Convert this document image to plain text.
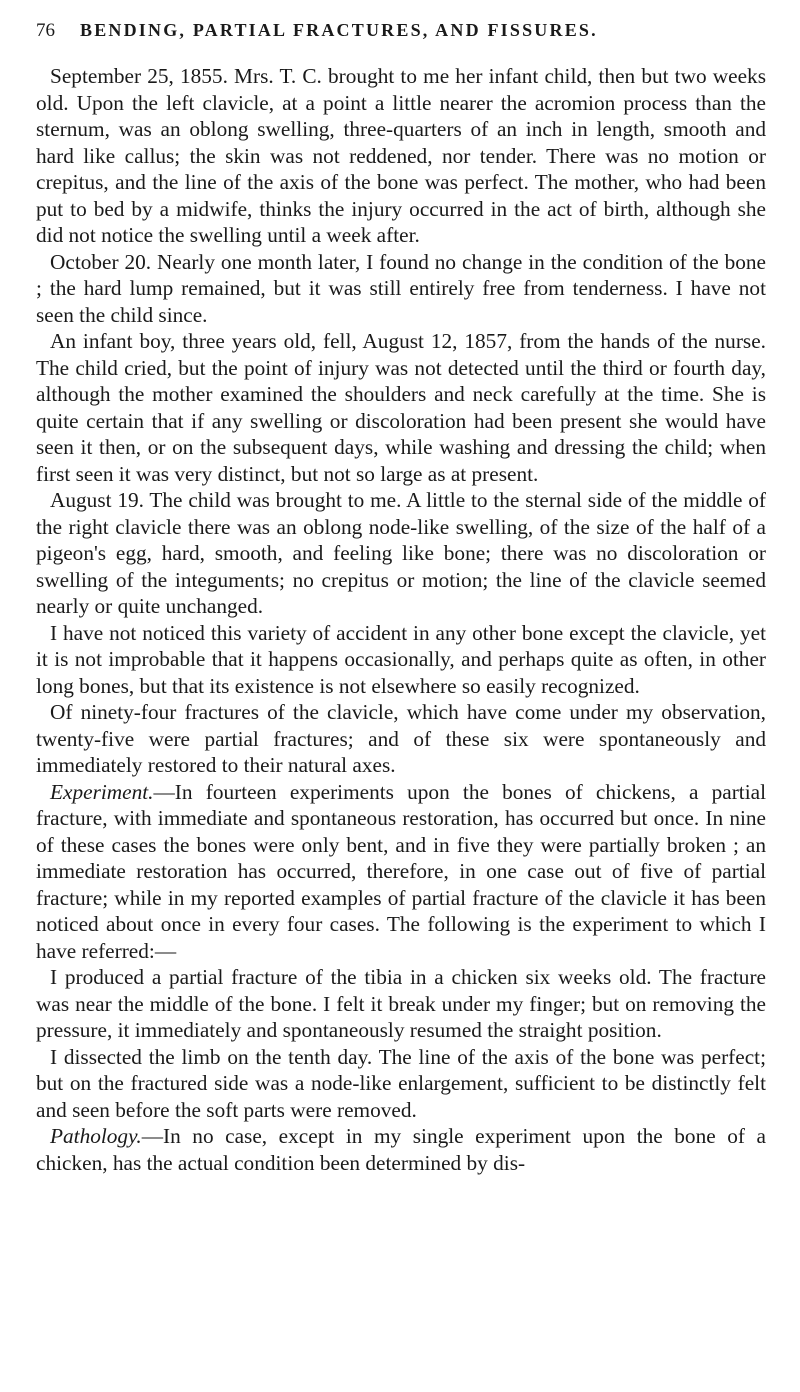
76	BENDING, PARTIAL FRACTURES, AND FISSURES.

September 25, 1855. Mrs. T. C. brought to me her infant child, then but two weeks old. Upon the left clavicle, at a point a little nearer the acromion process than the sternum, was an oblong swelling, three-quarters of an inch in length, smooth and hard like callus; the skin was not reddened, nor tender. There was no motion or crepitus, and the line of the axis of the bone was perfect. The mother, who had been put to bed by a midwife, thinks the injury occurred in the act of birth, although she did not notice the swelling until a week after.

October 20. Nearly one month later, I found no change in the condition of the bone ; the hard lump remained, but it was still entirely free from tenderness. I have not seen the child since.

An infant boy, three years old, fell, August 12, 1857, from the hands of the nurse. The child cried, but the point of injury was not detected until the third or fourth day, although the mother examined the shoulders and neck carefully at the time. She is quite certain that if any swelling or discoloration had been present she would have seen it then, or on the subsequent days, while washing and dressing the child; when first seen it was very distinct, but not so large as at present.

August 19. The child was brought to me. A little to the sternal side of the middle of the right clavicle there was an oblong node-like swelling, of the size of the half of a pigeon's egg, hard, smooth, and feeling like bone; there was no discoloration or swelling of the integuments; no crepitus or motion; the line of the clavicle seemed nearly or quite unchanged.

I have not noticed this variety of accident in any other bone except the clavicle, yet it is not improbable that it happens occasionally, and perhaps quite as often, in other long bones, but that its existence is not elsewhere so easily recognized.

Of ninety-four fractures of the clavicle, which have come under my observation, twenty-five were partial fractures; and of these six were spontaneously and immediately restored to their natural axes.

Experiment.—In fourteen experiments upon the bones of chickens, a partial fracture, with immediate and spontaneous restoration, has occurred but once. In nine of these cases the bones were only bent, and in five they were partially broken ; an immediate restoration has occurred, therefore, in one case out of five of partial fracture; while in my reported examples of partial fracture of the clavicle it has been noticed about once in every four cases. The following is the experiment to which I have referred:—

I produced a partial fracture of the tibia in a chicken six weeks old. The fracture was near the middle of the bone. I felt it break under my finger; but on removing the pressure, it immediately and spontaneously resumed the straight position.

I dissected the limb on the tenth day. The line of the axis of the bone was perfect; but on the fractured side was a node-like enlargement, sufficient to be distinctly felt and seen before the soft parts were removed.

Pathology.—In no case, except in my single experiment upon the bone of a chicken, has the actual condition been determined by dis-
